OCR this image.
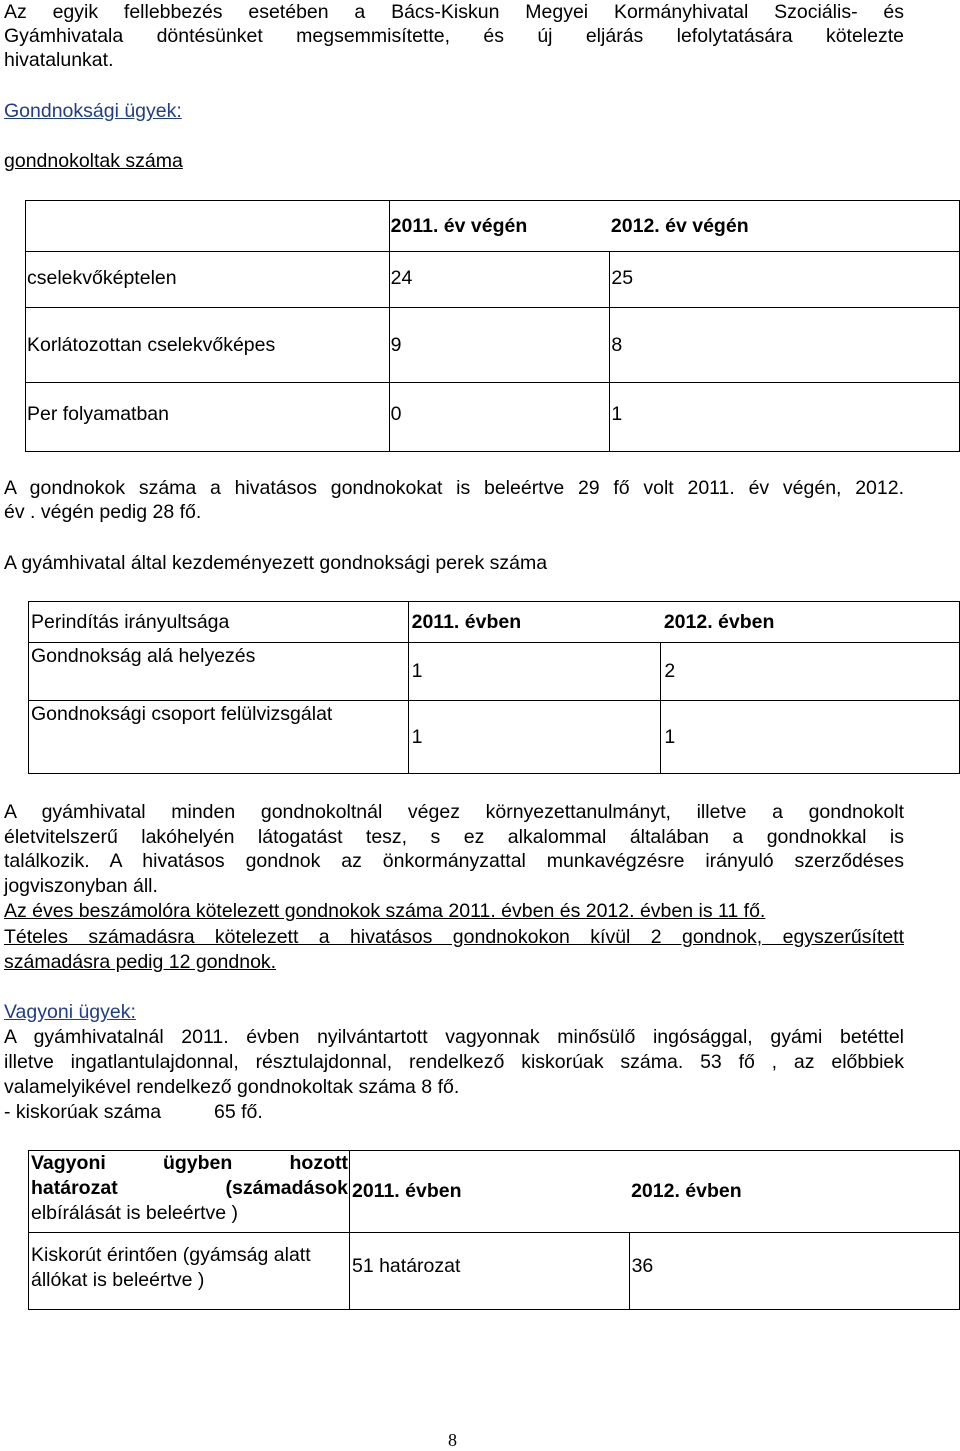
Az egyik fellebbezés esetében a Bács-Kiskun Megyei Kormányhivatal Szociális- és
Gyámhivatala döntésünket megsemmisítette, és új eljárás lefolytatására kötelezte
hivatalunkat.
Gondnoksági ügyek:
gondnokoltak száma
	2011. év végén	2012. év végén
cselekvőképtelen	24	25
Korlátozottan cselekvőképes	9	8
Per folyamatban	0	1
A gondnokok száma a hivatásos gondnokokat is beleértve 29 fő volt 2011. év végén, 2012.
év . végén pedig 28 fő.
A gyámhivatal által kezdeményezett gondnoksági perek száma
Perindítás irányultsága	2011. évben	2012. évben
Gondnokság alá helyezés	1	2
Gondnoksági csoport felülvizsgálat	1	1
A gyámhivatal minden gondnokoltnál végez környezettanulmányt, illetve a gondnokolt
életvitelszerű lakóhelyén látogatást tesz, s ez alkalommal általában a gondnokkal is
találkozik. A hivatásos gondnok az önkormányzattal munkavégzésre irányuló szerződéses
jogviszonyban áll.
Az éves beszámolóra kötelezett gondnokok száma 2011. évben és 2012. évben is 11 fő.
Tételes számadásra kötelezett a hivatásos gondnokokon kívül 2 gondnok, egyszerűsített
számadásra pedig 12 gondnok.
Vagyoni ügyek:
A gyámhivatalnál 2011. évben nyilvántartott vagyonnak minősülő ingósággal, gyámi betéttel
illetve ingatlantulajdonnal, résztulajdonnal, rendelkező kiskorúak száma. 53 fő , az előbbiek
valamelyikével rendelkező gondnokoltak száma 8 fő.
- kiskorúak száma	65 fő.
Vagyoni ügyben hozott
határozat (számadások
elbírálását is beleértve )	2011. évben	2012. évben

Kiskorút érintően (gyámság alatt
állókat is beleértve )	51 határozat	36
8
